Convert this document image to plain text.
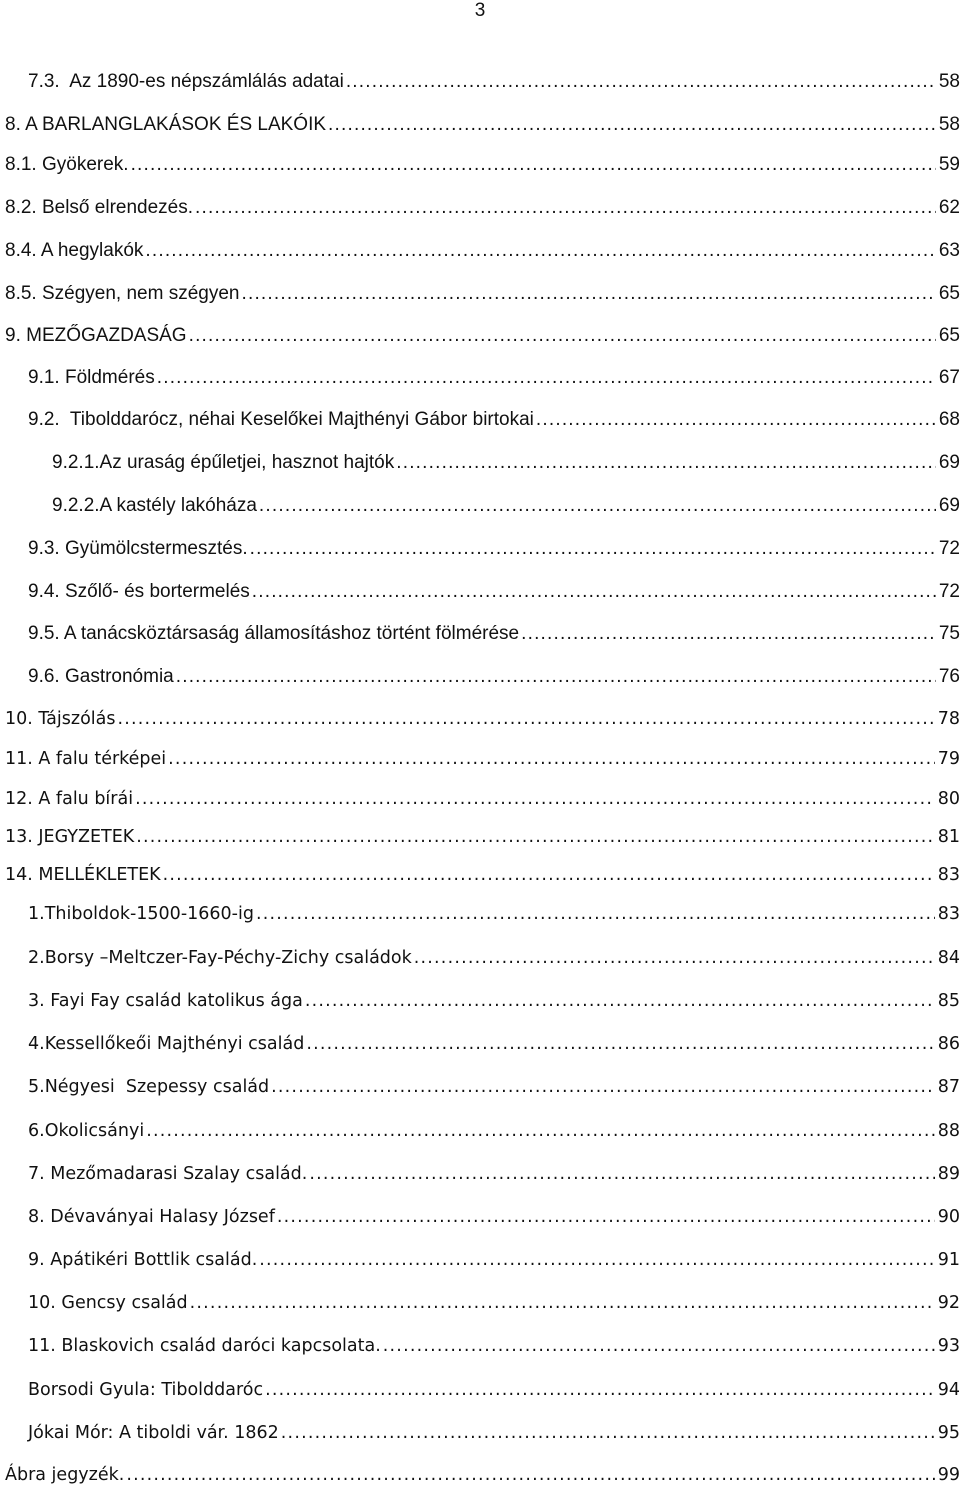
3
7.3.  Az 1890-es népszámlálás adatai .....	58
8. A BARLANGLAKÁSOK ÉS LAKÓIK .....	58
8.1. Gyökerek. .....	59
8.2. Belső elrendezés. .....	62
8.4. A hegylakók .....	63
8.5. Szégyen, nem szégyen .....	65
9. MEZŐGAZDASÁG .....	65
9.1. Földmérés .....	67
9.2.  Tibolddarócz, néhai Keselőkei Majthényi Gábor birtokai .....	68
9.2.1.Az uraság épűletjei, hasznot hajtók .....	69
9.2.2.A kastély lakóháza .....	69
9.3. Gyümölcstermesztés. .....	72
9.4. Szőlő- és bortermelés .....	72
9.5. A tanácsköztársaság államosításhoz történt fölmérése .....	75
9.6. Gastronómia .....	76
10. Tájszólás .....	78
11. A falu térképei .....	79
12. A falu bírái .....	80
13. JEGYZETEK .....	81
14. MELLÉKLETEK .....	83
1.Thiboldok-1500-1660-ig .....	83
2.Borsy –Meltczer-Fay-Péchy-Zichy családok .....	84
3. Fayi Fay család katolikus ága .....	85
4.Kessellőkeői Majthényi család .....	86
5.Négyesi  Szepessy család .....	87
6.Okolicsányi .....	88
7. Mezőmadarasi Szalay család. .....	89
8. Dévaványai Halasy József .....	90
9. Apátikéri Bottlik család. .....	91
10. Gencsy család .....	92
11. Blaskovich család daróci kapcsolata. .....	93
Borsodi Gyula: Tibolddaróc .....	94
Jókai Mór: A tiboldi vár. 1862 .....	95
Ábra jegyzék. .....	99
